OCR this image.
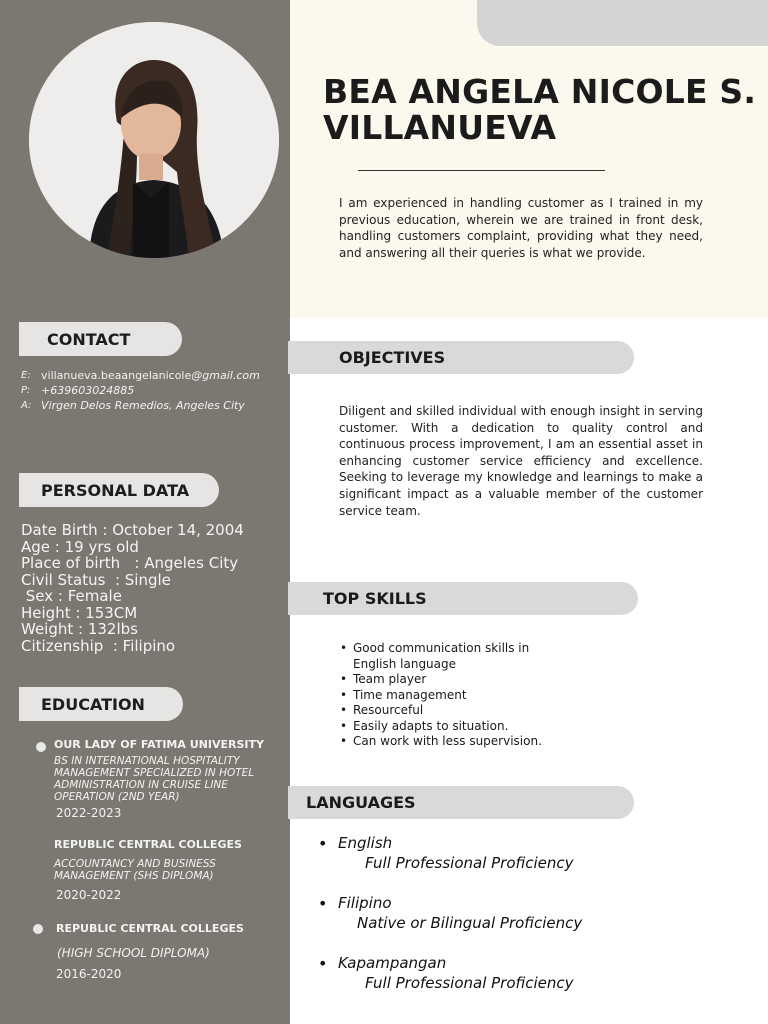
CONTACT
E: villanueva.beaangelanicole@gmail.com
P: +639603024885
A: Virgen Delos Remedios, Angeles City
PERSONAL DATA
Date Birth : October 14, 2004
Age : 19 yrs old
Place of birth   : Angeles City
Civil Status  : Single
Sex : Female
Height : 153CM
Weight : 132lbs
Citizenship  : Filipino
EDUCATION
OUR LADY OF FATIMA UNIVERSITY
BS IN INTERNATIONAL HOSPITALITY MANAGEMENT SPECIALIZED IN HOTEL ADMINISTRATION IN CRUISE LINE OPERATION (2ND YEAR)
2022-2023
REPUBLIC CENTRAL COLLEGES
ACCOUNTANCY AND BUSINESS MANAGEMENT (SHS DIPLOMA)
2020-2022
REPUBLIC CENTRAL COLLEGES
(HIGH SCHOOL DIPLOMA)
2016-2020
BEA ANGELA NICOLE S.
VILLANUEVA
I am experienced in handling customer as I trained in my previous education, wherein we are trained in front desk, handling customers complaint, providing what they need, and answering all their queries is what we provide.
OBJECTIVES
Diligent and skilled individual with enough insight in serving customer. With a dedication to quality control and continuous process improvement, I am an essential asset in enhancing customer service efficiency and excellence. Seeking to leverage my knowledge and learnings to make a significant impact as a valuable member of the customer service team.
TOP SKILLS
• Good communication skills in
English language
• Team player
• Time management
• Resourceful
• Easily adapts to situation.
• Can work with less supervision.
LANGUAGES
• English
Full Professional Proficiency
• Filipino
Native or Bilingual Proficiency
• Kapampangan
Full Professional Proficiency
